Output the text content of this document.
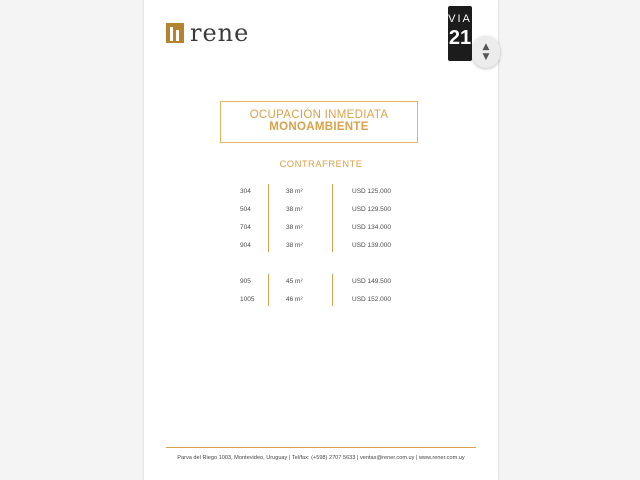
rene	VIA
21
OCUPACIÓN INMEDIATA
MONOAMBIENTE
CONTRAFRENTE
304	38 m²	USD 125.000
504	38 m²	USD 129.500
704	38 m²	USD 134.000
904	38 m²	USD 139.000
905	45 m²	USD 149.500
1005	46 m²	USD 152.000
Parva del Riego 1003, Montevideo, Uruguay | Tel/fax: (+598) 2707 5633 | ventas@rener.com.uy | www.rener.com.uy
▲
▼
